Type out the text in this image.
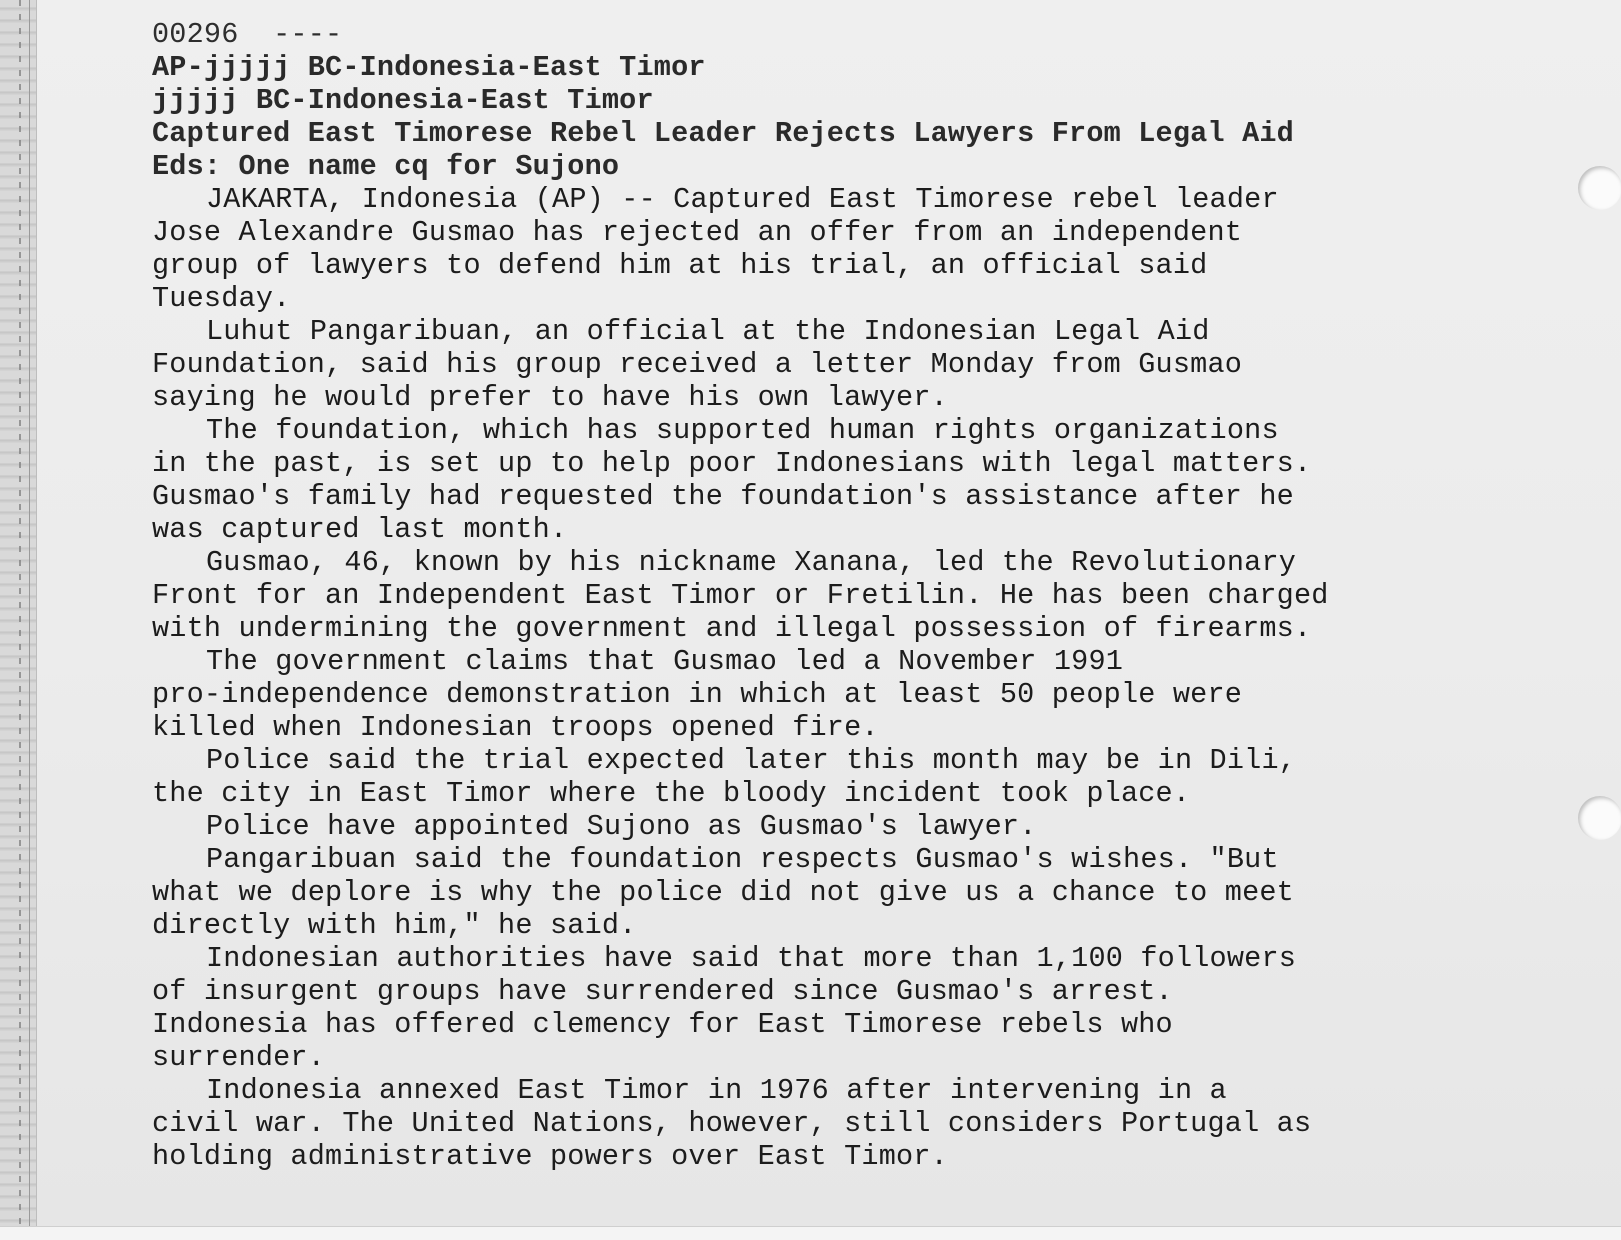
00296  ----
AP-jjjjj BC-Indonesia-East Timor
jjjjj BC-Indonesia-East Timor
Captured East Timorese Rebel Leader Rejects Lawyers From Legal Aid
Eds: One name cq for Sujono
JAKARTA, Indonesia (AP) -- Captured East Timorese rebel leader
Jose Alexandre Gusmao has rejected an offer from an independent
group of lawyers to defend him at his trial, an official said
Tuesday.
Luhut Pangaribuan, an official at the Indonesian Legal Aid
Foundation, said his group received a letter Monday from Gusmao
saying he would prefer to have his own lawyer.
The foundation, which has supported human rights organizations
in the past, is set up to help poor Indonesians with legal matters.
Gusmao's family had requested the foundation's assistance after he
was captured last month.
Gusmao, 46, known by his nickname Xanana, led the Revolutionary
Front for an Independent East Timor or Fretilin. He has been charged
with undermining the government and illegal possession of firearms.
The government claims that Gusmao led a November 1991
pro-independence demonstration in which at least 50 people were
killed when Indonesian troops opened fire.
Police said the trial expected later this month may be in Dili,
the city in East Timor where the bloody incident took place.
Police have appointed Sujono as Gusmao's lawyer.
Pangaribuan said the foundation respects Gusmao's wishes. "But
what we deplore is why the police did not give us a chance to meet
directly with him," he said.
Indonesian authorities have said that more than 1,100 followers
of insurgent groups have surrendered since Gusmao's arrest.
Indonesia has offered clemency for East Timorese rebels who
surrender.
Indonesia annexed East Timor in 1976 after intervening in a
civil war. The United Nations, however, still considers Portugal as
holding administrative powers over East Timor.
